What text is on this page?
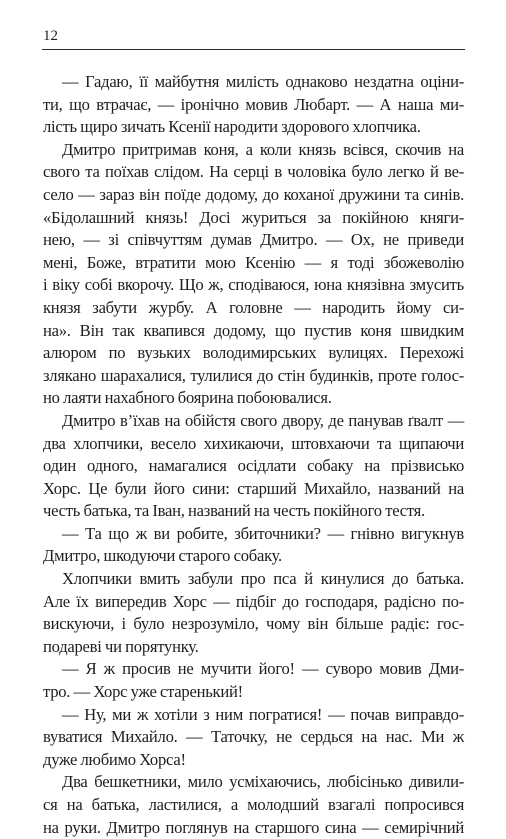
12
— Гадаю, її майбутня милість однаково нездатна оціни-
ти, що втрачає, — іронічно мовив Любарт. — А наша ми-
лість щиро зичать Ксенії народити здорового хлопчика.
Дмитро притримав коня, а коли князь всівся, скочив на
свого та поїхав слідом. На серці в чоловіка було легко й ве-
село — зараз він поїде додому, до коханої дружини та синів.
«Бідолашний князь! Досі журиться за покійною княги-
нею, — зі співчуттям думав Дмитро. — Ох, не приведи
мені, Боже, втратити мою Ксенію — я тоді збожеволію
і віку собі вкорочу. Що ж, сподіваюся, юна князівна змусить
князя забути журбу. А головне — народить йому си-
на». Він так квапився додому, що пустив коня швидким
алюром по вузьких володимирських вулицях. Перехожі
злякано шарахалися, тулилися до стін будинків, проте голос-
но лаяти нахабного боярина побоювалися.
Дмитро в’їхав на обійстя свого двору, де панував ґвалт —
два хлопчики, весело хихикаючи, штовхаючи та щипаючи
один одного, намагалися осідлати собаку на прізвисько
Хорс. Це були його сини: старший Михайло, названий на
честь батька, та Іван, названий на честь покійного тестя.
— Та що ж ви робите, збиточники? — гнівно вигукнув
Дмитро, шкодуючи старого собаку.
Хлопчики вмить забули про пса й кинулися до батька.
Але їх випередив Хорс — підбіг до господаря, радісно по-
вискуючи, і було незрозуміло, чому він більше радіє: гос-
подареві чи порятунку.
— Я ж просив не мучити його! — суворо мовив Дми-
тро. — Хорс уже старенький!
— Ну, ми ж хотіли з ним погратися! — почав виправдо-
вуватися Михайло. — Таточку, не сердься на нас. Ми ж
дуже любимо Хорса!
Два бешкетники, мило усміхаючись, любісінько дивили-
ся на батька, ластилися, а молодший взагалі попросився
на руки. Дмитро поглянув на старшого сина — семирічний
